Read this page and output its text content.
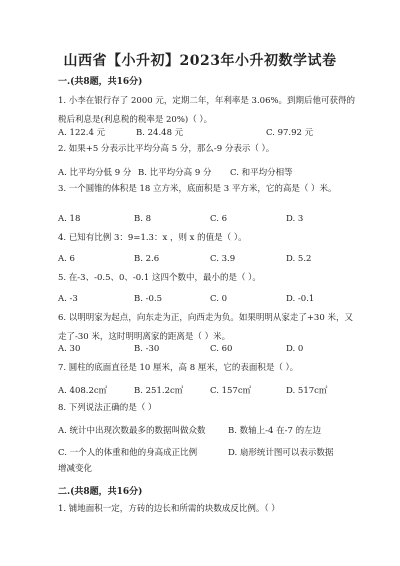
山西省【小升初】2023年小升初数学试卷
一.(共8题，共16分)
1. 小李在银行存了 2000 元，定期二年，年利率是 3.06%。到期后他可获得的
税后利息是(利息税的税率是 20%)（ ）。
A. 122.4 元	B. 24.48 元	C. 97.92 元
2. 如果+5 分表示比平均分高 5 分，那么-9 分表示（ ）。
A. 比平均分低 9 分 B. 比平均分高 9 分 C. 和平均分相等
3. 一个圆锥的体积是 18 立方米，底面积是 3 平方米，它的高是（ ）米。
A. 18	B. 8	C. 6	D. 3
4. 已知有比例 3：9=1.3：x ，则 x 的值是（ ）。
A. 6	B. 2.6	C. 3.9	D. 5.2
5. 在-3、-0.5、0、-0.1 这四个数中，最小的是（ ）。
A. -3	B. -0.5	C. 0	D. -0.1
6. 以明明家为起点，向东走为正，向西走为负。如果明明从家走了+30 米，又
走了-30 米，这时明明离家的距离是（ ）米。
A. 30	B. -30	C. 60	D. 0
7. 圆柱的底面直径是 10 厘米，高 8 厘米，它的表面积是（ ）。
A. 408.2c㎡	B. 251.2c㎡	C. 157c㎡	D. 517c㎡
8. 下列说法正确的是（ ）
A. 统计中出现次数最多的数据叫做众数	B. 数轴上-4 在-7 的左边
C. 一个人的体重和他的身高成正比例	D. 扇形统计图可以表示数据
增减变化
二.(共8题，共16分)
1. 铺地面积一定，方砖的边长和所需的块数成反比例。（ ）
